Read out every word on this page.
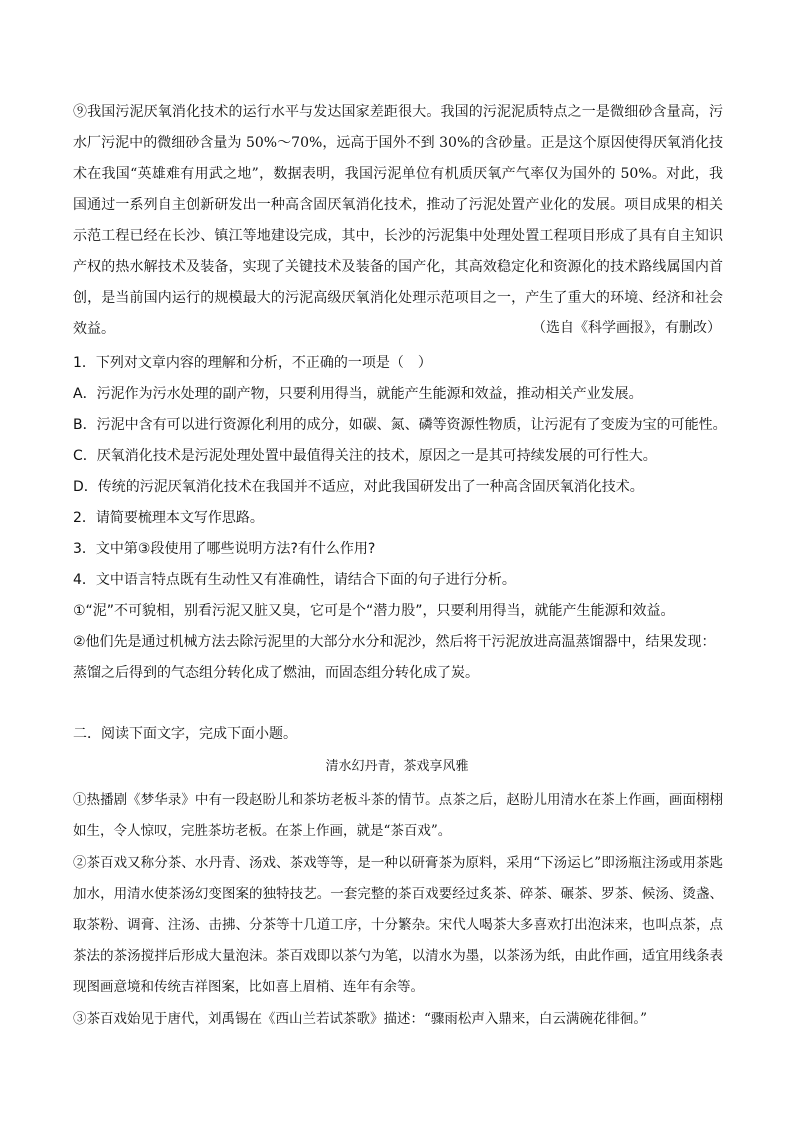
⑨我国污泥厌氧消化技术的运行水平与发达国家差距很大。我国的污泥泥质特点之一是微细砂含量高，污水厂污泥中的微细砂含量为 50%～70%，远高于国外不到 30%的含砂量。正是这个原因使得厌氧消化技术在我国“英雄难有用武之地”，数据表明，我国污泥单位有机质厌氧产气率仅为国外的 50%。对此，我国通过一系列自主创新研发出一种高含固厌氧消化技术，推动了污泥处置产业化的发展。项目成果的相关示范工程已经在长沙、镇江等地建设完成，其中，长沙的污泥集中处理处置工程项目形成了具有自主知识产权的热水解技术及装备，实现了关键技术及装备的国产化，其高效稳定化和资源化的技术路线属国内首创，是当前国内运行的规模最大的污泥高级厌氧消化处理示范项目之一，产生了重大的环境、经济和社会效益。	（选自《科学画报》，有删改）

1．下列对文章内容的理解和分析，不正确的一项是（　）

A．污泥作为污水处理的副产物，只要利用得当，就能产生能源和效益，推动相关产业发展。

B．污泥中含有可以进行资源化利用的成分，如碳、氮、磷等资源性物质，让污泥有了变废为宝的可能性。

C．厌氧消化技术是污泥处理处置中最值得关注的技术，原因之一是其可持续发展的可行性大。

D．传统的污泥厌氧消化技术在我国并不适应，对此我国研发出了一种高含固厌氧消化技术。

2．请简要梳理本文写作思路。

3．文中第③段使用了哪些说明方法?有什么作用?

4．文中语言特点既有生动性又有准确性，请结合下面的句子进行分析。

①“泥”不可貌相，别看污泥又脏又臭，它可是个“潜力股”，只要利用得当，就能产生能源和效益。

②他们先是通过机械方法去除污泥里的大部分水分和泥沙，然后将干污泥放进高温蒸馏器中，结果发现：蒸馏之后得到的气态组分转化成了燃油，而固态组分转化成了炭。

二．阅读下面文字，完成下面小题。
清水幻丹青，茶戏享风雅

①热播剧《梦华录》中有一段赵盼儿和茶坊老板斗茶的情节。点茶之后，赵盼儿用清水在茶上作画，画面栩栩如生，令人惊叹，完胜茶坊老板。在茶上作画，就是“茶百戏”。

②茶百戏又称分茶、水丹青、汤戏、茶戏等等，是一种以研膏茶为原料，采用“下汤运匕”即汤瓶注汤或用茶匙加水，用清水使茶汤幻变图案的独特技艺。一套完整的茶百戏要经过炙茶、碎茶、碾茶、罗茶、候汤、烫盏、取茶粉、调膏、注汤、击拂、分茶等十几道工序，十分繁杂。宋代人喝茶大多喜欢打出泡沫来，也叫点茶，点茶法的茶汤搅拌后形成大量泡沫。茶百戏即以茶勺为笔，以清水为墨，以茶汤为纸，由此作画，适宜用线条表现图画意境和传统吉祥图案，比如喜上眉梢、连年有余等。

③茶百戏始见于唐代，刘禹锡在《西山兰若试茶歌》描述：“骤雨松声入鼎来，白云满碗花徘徊。”
